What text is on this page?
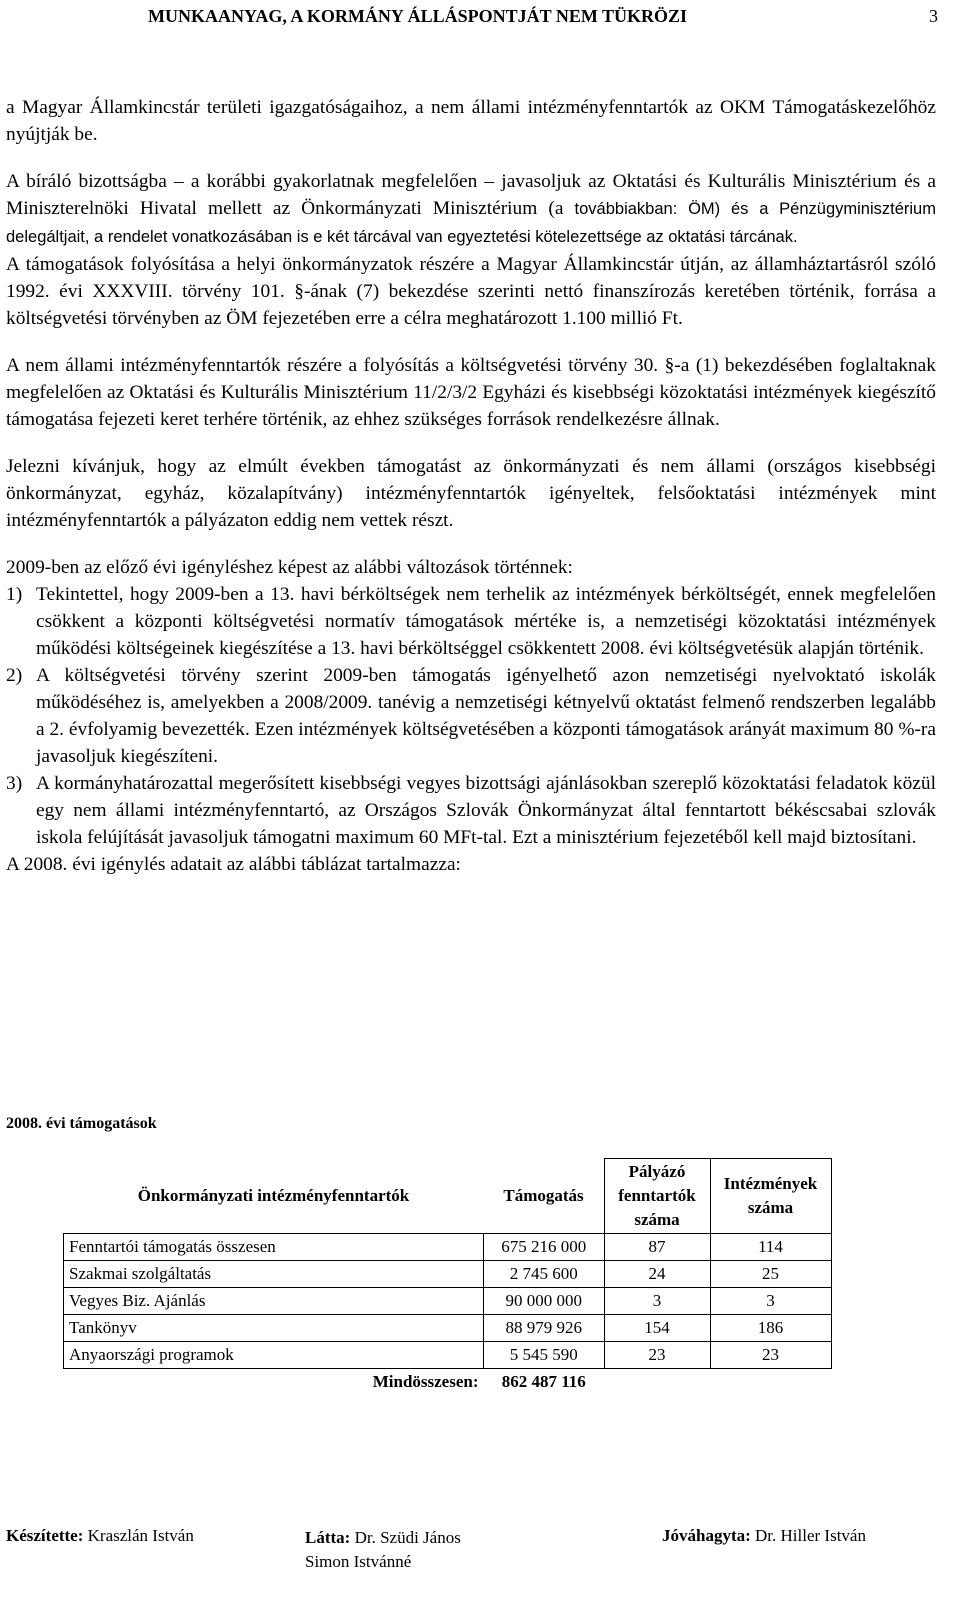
MUNKAANYAG, A KORMÁNY ÁLLÁSPONTJÁT NEM TÜKRÖZI	3

a Magyar Államkincstár területi igazgatóságaihoz, a nem állami intézményfenntartók az OKM Támogatáskezelőhöz nyújtják be.

A bíráló bizottságba – a korábbi gyakorlatnak megfelelően – javasoljuk az Oktatási és Kulturális Minisztérium és a Miniszterelnöki Hivatal mellett az Önkormányzati Minisztérium (a továbbiakban: ÖM) és a Pénzügyminisztérium delegáltjait, a rendelet vonatkozásában is e két tárcával van egyeztetési kötelezettsége az oktatási tárcának.

A támogatások folyósítása a helyi önkormányzatok részére a Magyar Államkincstár útján, az államháztartásról szóló 1992. évi XXXVIII. törvény 101. §-ának (7) bekezdése szerinti nettó finanszírozás keretében történik, forrása a költségvetési törvényben az ÖM fejezetében erre a célra meghatározott 1.100 millió Ft.

A nem állami intézményfenntartók részére a folyósítás a költségvetési törvény 30. §-a (1) bekezdésében foglaltaknak megfelelően az Oktatási és Kulturális Minisztérium 11/2/3/2 Egyházi és kisebbségi közoktatási intézmények kiegészítő támogatása fejezeti keret terhére történik, az ehhez szükséges források rendelkezésre állnak.

Jelezni kívánjuk, hogy az elmúlt években támogatást az önkormányzati és nem állami (országos kisebbségi önkormányzat, egyház, közalapítvány) intézményfenntartók igényeltek, felsőoktatási intézmények mint intézményfenntartók a pályázaton eddig nem vettek részt.

2009-ben az előző évi igényléshez képest az alábbi változások történnek:

1) Tekintettel, hogy 2009-ben a 13. havi bérköltségek nem terhelik az intézmények bérköltségét, ennek megfelelően csökkent a központi költségvetési normatív támogatások mértéke is, a nemzetiségi közoktatási intézmények működési költségeinek kiegészítése a 13. havi bérköltséggel csökkentett 2008. évi költségvetésük alapján történik.
2) A költségvetési törvény szerint 2009-ben támogatás igényelhető azon nemzetiségi nyelvoktató iskolák működéséhez is, amelyekben a 2008/2009. tanévig a nemzetiségi kétnyelvű oktatást felmenő rendszerben legalább a 2. évfolyamig bevezették. Ezen intézmények költségvetésében a központi támogatások arányát maximum 80 %-ra javasoljuk kiegészíteni.
3) A kormányhatározattal megerősített kisebbségi vegyes bizottsági ajánlásokban szereplő közoktatási feladatok közül egy nem állami intézményfenntartó, az Országos Szlovák Önkormányzat által fenntartott békéscsabai szlovák iskola felújítását javasoljuk támogatni maximum 60 MFt-tal. Ezt a minisztérium fejezetéből kell majd biztosítani.

A 2008. évi igénylés adatait az alábbi táblázat tartalmazza:

2008. évi támogatások
Önkormányzati intézményfenntartók	Támogatás	Pályázó fenntartók száma	Intézmények száma
Fenntartói támogatás összesen	675 216 000	87	114
Szakmai szolgáltatás	2 745 600	24	25
Vegyes Biz. Ajánlás	90 000 000	3	3
Tankönyv	88 979 926	154	186
Anyaországi programok	5 545 590	23	23
Mindösszesen:	862 487 116		
Készítette: Kraszlán István	Látta: Dr. Szüdi János
Simon Istvánné
Jóváhagyta: Dr. Hiller István
